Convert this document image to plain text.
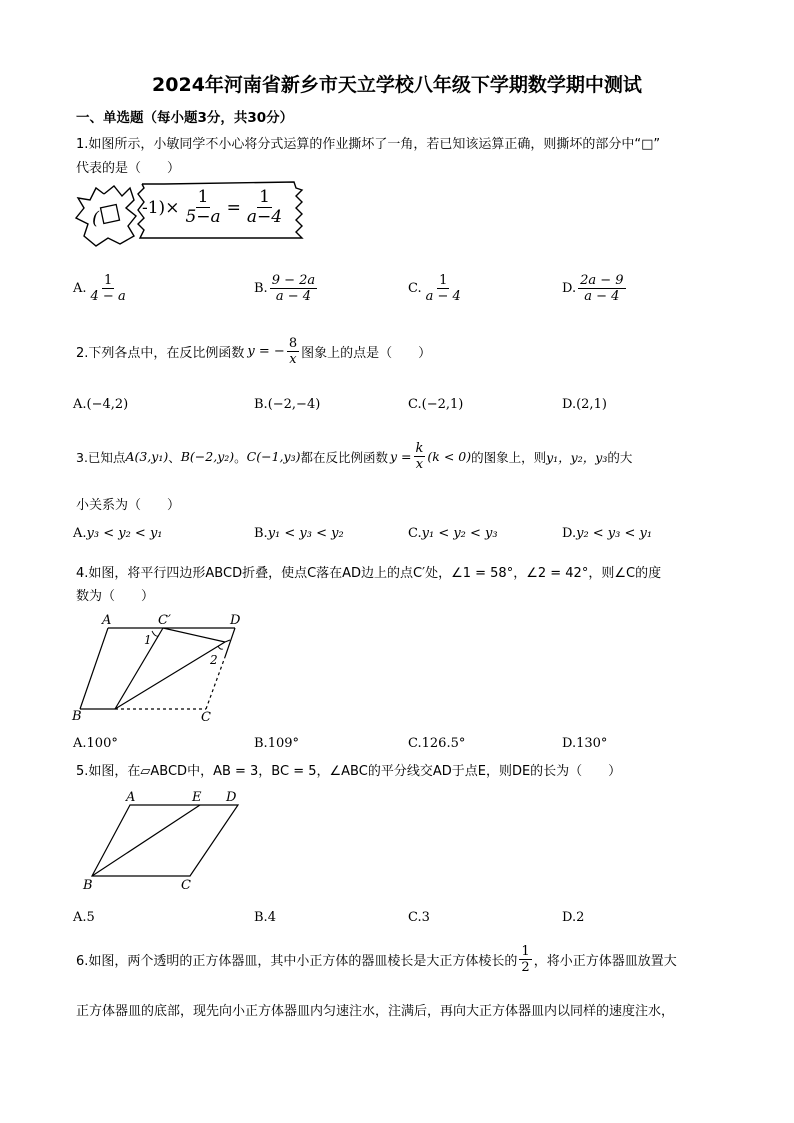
2024年河南省新乡市天立学校八年级下学期数学期中测试
一、单选题（每小题3分，共30分）
1.如图所示，小敏同学不小心将分式运算的作业撕坏了一角，若已知该运算正确，则撕坏的部分中“□”
代表的是（　　）
(
$-1)\times \frac{1}{5-a} = \frac{1}{a-4}$
A. $\frac{1}{4 - a}$	B. $\frac{9 - 2a}{a - 4}$	C. $\frac{1}{a - 4}$	D. $\frac{2a - 9}{a - 4}$
2.下列各点中，在反比例函数 y = − $\frac{8}{x}$ 图象上的点是（　　）
A.(−4,2)	B.(−2,−4)	C.(−2,1)	D.(2,1)
3.已知点 A(3,y₁) 、 B(−2,y₂) 。 C(−1,y₃) 都在反比例函数 $y = \frac{k}{x} (k < 0)$ 的图象上，则 y₁，y₂，y₃ 的大
小关系为（　　）
A.y₃ < y₂ < y₁	B.y₁ < y₃ < y₂	C.y₁ < y₂ < y₃	D.y₂ < y₃ < y₁
4.如图，将平行四边形ABCD折叠，使点C落在AD边上的点C′处，∠1 = 58°，∠2 = 42°，则∠C的度
数为（　　）
A	C′	D
B	C
1
2
A.100°	B.109°	C.126.5°	D.130°
5.如图，在▱ABCD中，AB = 3，BC = 5，∠ABC的平分线交AD于点E，则DE的长为（　　）
A	E D
B	C
A.5	B.4	C.3	D.2
6.如图，两个透明的正方体器皿，其中小正方体的器皿棱长是大正方体棱长的 $\frac{1}{2}$ ，将小正方体器皿放置大
正方体器皿的底部，现先向小正方体器皿内匀速注水，注满后，再向大正方体器皿内以同样的速度注水，
